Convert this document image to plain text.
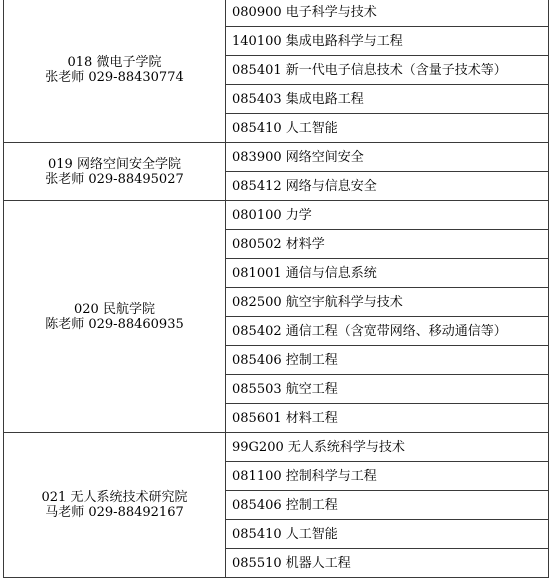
018 微电子学院
张老师 029-88430774	080900 电子科学与技术
	140100 集成电路科学与工程
	085401 新一代电子信息技术（含量子技术等）
	085403 集成电路工程
	085410 人工智能

019 网络空间安全学院
张老师 029-88495027	083900 网络空间安全
	085412 网络与信息安全

020 民航学院
陈老师 029-88460935	080100 力学
	080502 材料学
	081001 通信与信息系统
	082500 航空宇航科学与技术
	085402 通信工程（含宽带网络、移动通信等）
	085406 控制工程
	085503 航空工程
	085601 材料工程

021 无人系统技术研究院
马老师 029-88492167	99G200 无人系统科学与技术
	081100 控制科学与工程
	085406 控制工程
	085410 人工智能
	085510 机器人工程
